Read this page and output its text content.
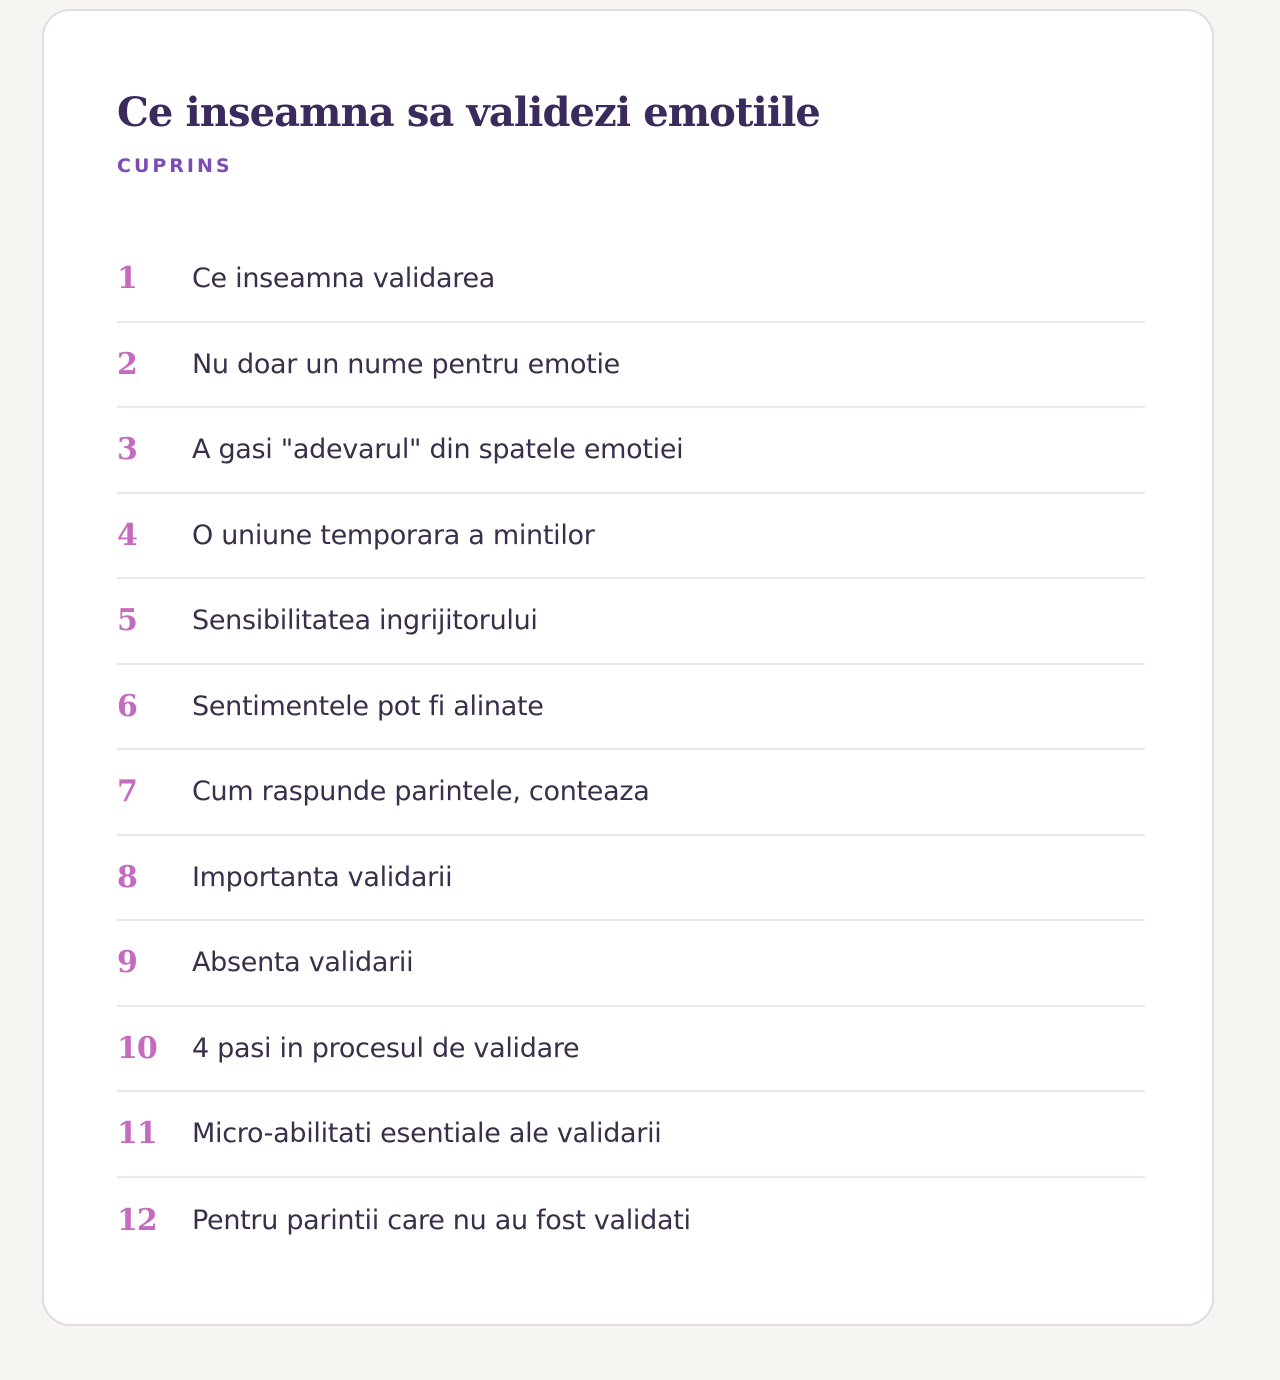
Ce inseamna sa validezi emotiile
CUPRINS
1	Ce inseamna validarea
2	Nu doar un nume pentru emotie
3	A gasi "adevarul" din spatele emotiei
4	O uniune temporara a mintilor
5	Sensibilitatea ingrijitorului
6	Sentimentele pot fi alinate
7	Cum raspunde parintele, conteaza
8	Importanta validarii
9	Absenta validarii
10	4 pasi in procesul de validare
11	Micro-abilitati esentiale ale validarii
12	Pentru parintii care nu au fost validati
